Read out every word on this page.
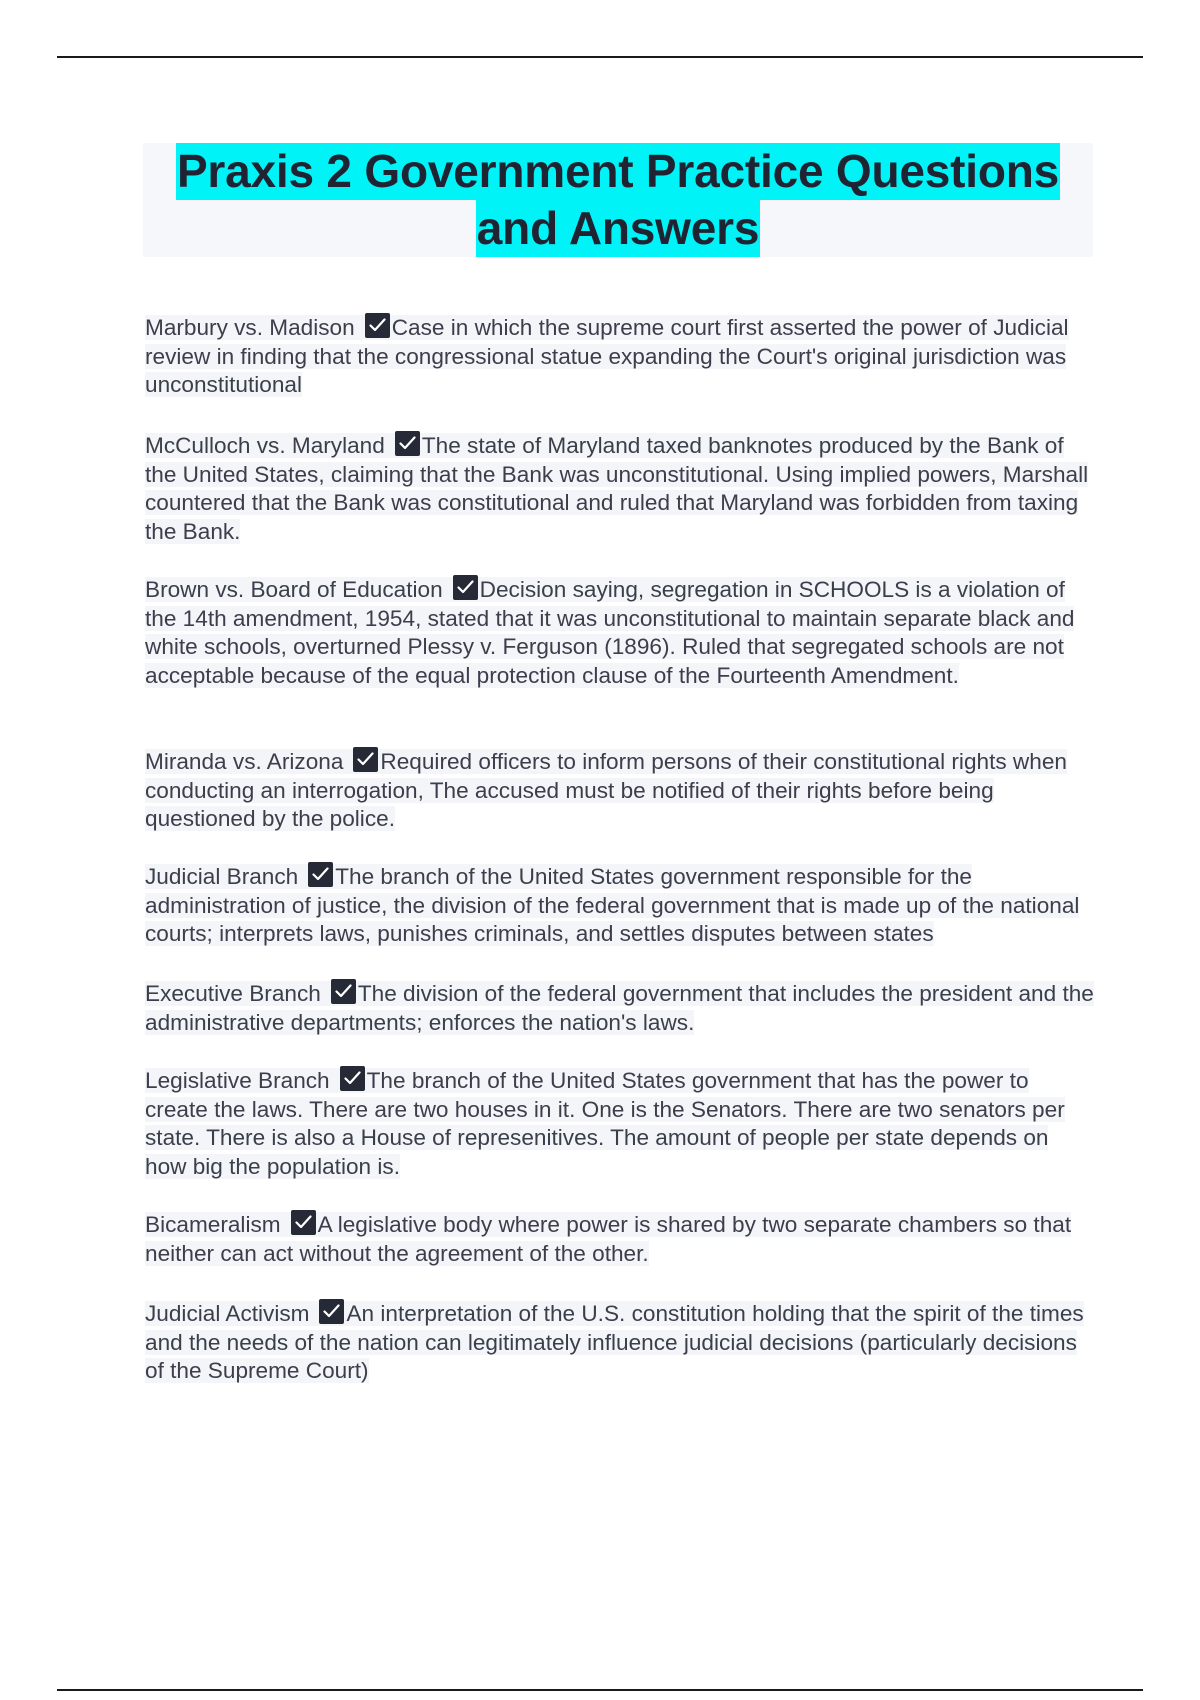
Praxis 2 Government Practice Questions
and Answers

Marbury vs. Madison Case in which the supreme court first asserted the power of Judicial review in finding that the congressional statue expanding the Court's original jurisdiction was unconstitutional

McCulloch vs. Maryland The state of Maryland taxed banknotes produced by the Bank of the United States, claiming that the Bank was unconstitutional. Using implied powers, Marshall countered that the Bank was constitutional and ruled that Maryland was forbidden from taxing the Bank.

Brown vs. Board of Education Decision saying, segregation in SCHOOLS is a violation of the 14th amendment, 1954, stated that it was unconstitutional to maintain separate black and white schools, overturned Plessy v. Ferguson (1896). Ruled that segregated schools are not acceptable because of the equal protection clause of the Fourteenth Amendment.

Miranda vs. Arizona Required officers to inform persons of their constitutional rights when conducting an interrogation, The accused must be notified of their rights before being questioned by the police.

Judicial Branch The branch of the United States government responsible for the administration of justice, the division of the federal government that is made up of the national courts; interprets laws, punishes criminals, and settles disputes between states

Executive Branch The division of the federal government that includes the president and the administrative departments; enforces the nation's laws.

Legislative Branch The branch of the United States government that has the power to create the laws. There are two houses in it. One is the Senators. There are two senators per state. There is also a House of represenitives. The amount of people per state depends on how big the population is.

Bicameralism A legislative body where power is shared by two separate chambers so that neither can act without the agreement of the other.

Judicial Activism An interpretation of the U.S. constitution holding that the spirit of the times and the needs of the nation can legitimately influence judicial decisions (particularly decisions of the Supreme Court)
